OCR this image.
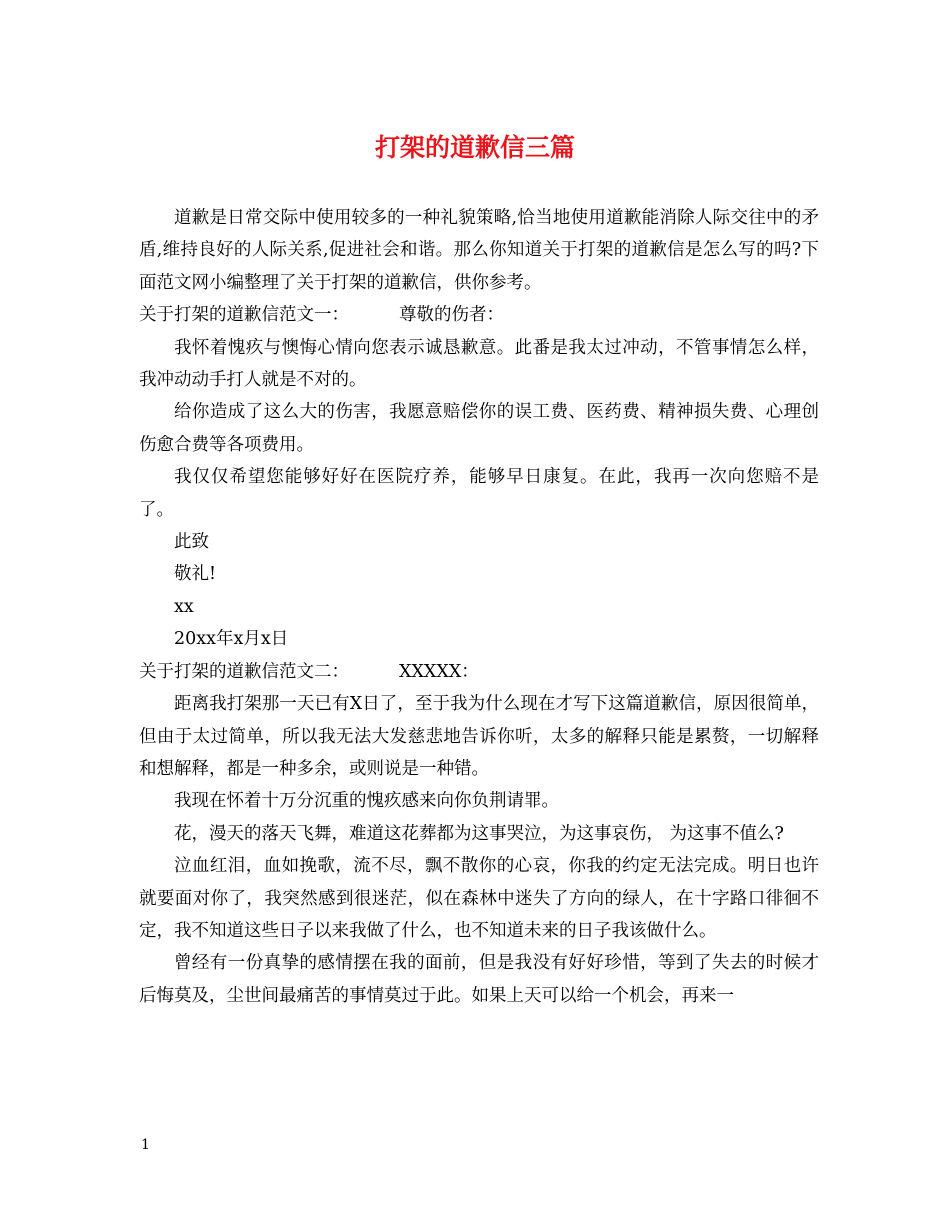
打架的道歉信三篇

道歉是日常交际中使用较多的一种礼貌策略,恰当地使用道歉能消除人际交往中的矛盾,维持良好的人际关系,促进社会和谐。那么你知道关于打架的道歉信是怎么写的吗?下面范文网小编整理了关于打架的道歉信，供你参考。

关于打架的道歉信范文一：	尊敬的伤者：

我怀着愧疚与懊悔心情向您表示诚恳歉意。此番是我太过冲动，不管事情怎么样，我冲动动手打人就是不对的。

给你造成了这么大的伤害，我愿意赔偿你的误工费、医药费、精神损失费、心理创伤愈合费等各项费用。

我仅仅希望您能够好好在医院疗养，能够早日康复。在此，我再一次向您赔不是了。

此致

敬礼!

xx

20xx年x月x日

关于打架的道歉信范文二：	XXXXX：

距离我打架那一天已有X日了，至于我为什么现在才写下这篇道歉信，原因很简单，但由于太过简单，所以我无法大发慈悲地告诉你听，太多的解释只能是累赘，一切解释和想解释，都是一种多余，或则说是一种错。

我现在怀着十万分沉重的愧疚感来向你负荆请罪。

花，漫天的落天飞舞，难道这花葬都为这事哭泣，为这事哀伤， 为这事不值么?

泣血红泪，血如挽歌，流不尽，飘不散你的心哀，你我的约定无法完成。明日也许就要面对你了，我突然感到很迷茫，似在森林中迷失了方向的绿人，在十字路口徘徊不定，我不知道这些日子以来我做了什么，也不知道未来的日子我该做什么。

曾经有一份真挚的感情摆在我的面前，但是我没有好好珍惜，等到了失去的时候才后悔莫及，尘世间最痛苦的事情莫过于此。如果上天可以给一个机会，再来一

1
